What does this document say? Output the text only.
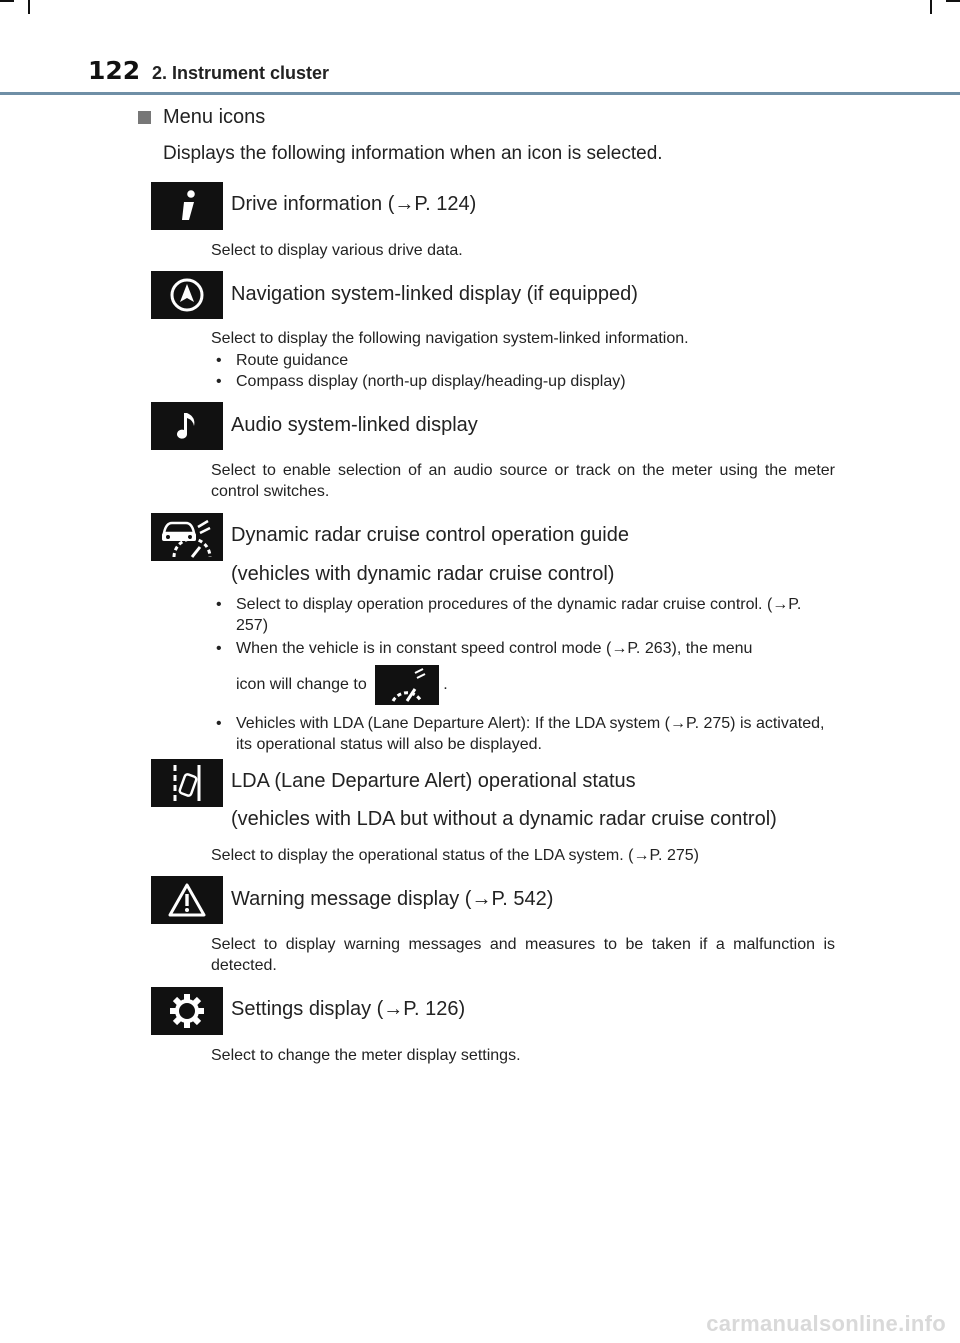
122 2. Instrument cluster
Menu icons
Displays the following information when an icon is selected.
Drive information (→P. 124)
Select to display various drive data.
Navigation system-linked display (if equipped)
Select to display the following navigation system-linked information.
• Route guidance
• Compass display (north-up display/heading-up display)
Audio system-linked display
Select to enable selection of an audio source or track on the meter using the meter control switches.
Dynamic radar cruise control operation guide
(vehicles with dynamic radar cruise control)
• Select to display operation procedures of the dynamic radar cruise control. (→P. 257)
• When the vehicle is in constant speed control mode (→P. 263), the menu
icon will change to	.
• Vehicles with LDA (Lane Departure Alert): If the LDA system (→P. 275) is activated, its operational status will also be displayed.
LDA (Lane Departure Alert) operational status
(vehicles with LDA but without a dynamic radar cruise control)
Select to display the operational status of the LDA system. (→P. 275)
Warning message display (→P. 542)
Select to display warning messages and measures to be taken if a malfunction is detected.
Settings display (→P. 126)
Select to change the meter display settings.
carmanualsonline.info
